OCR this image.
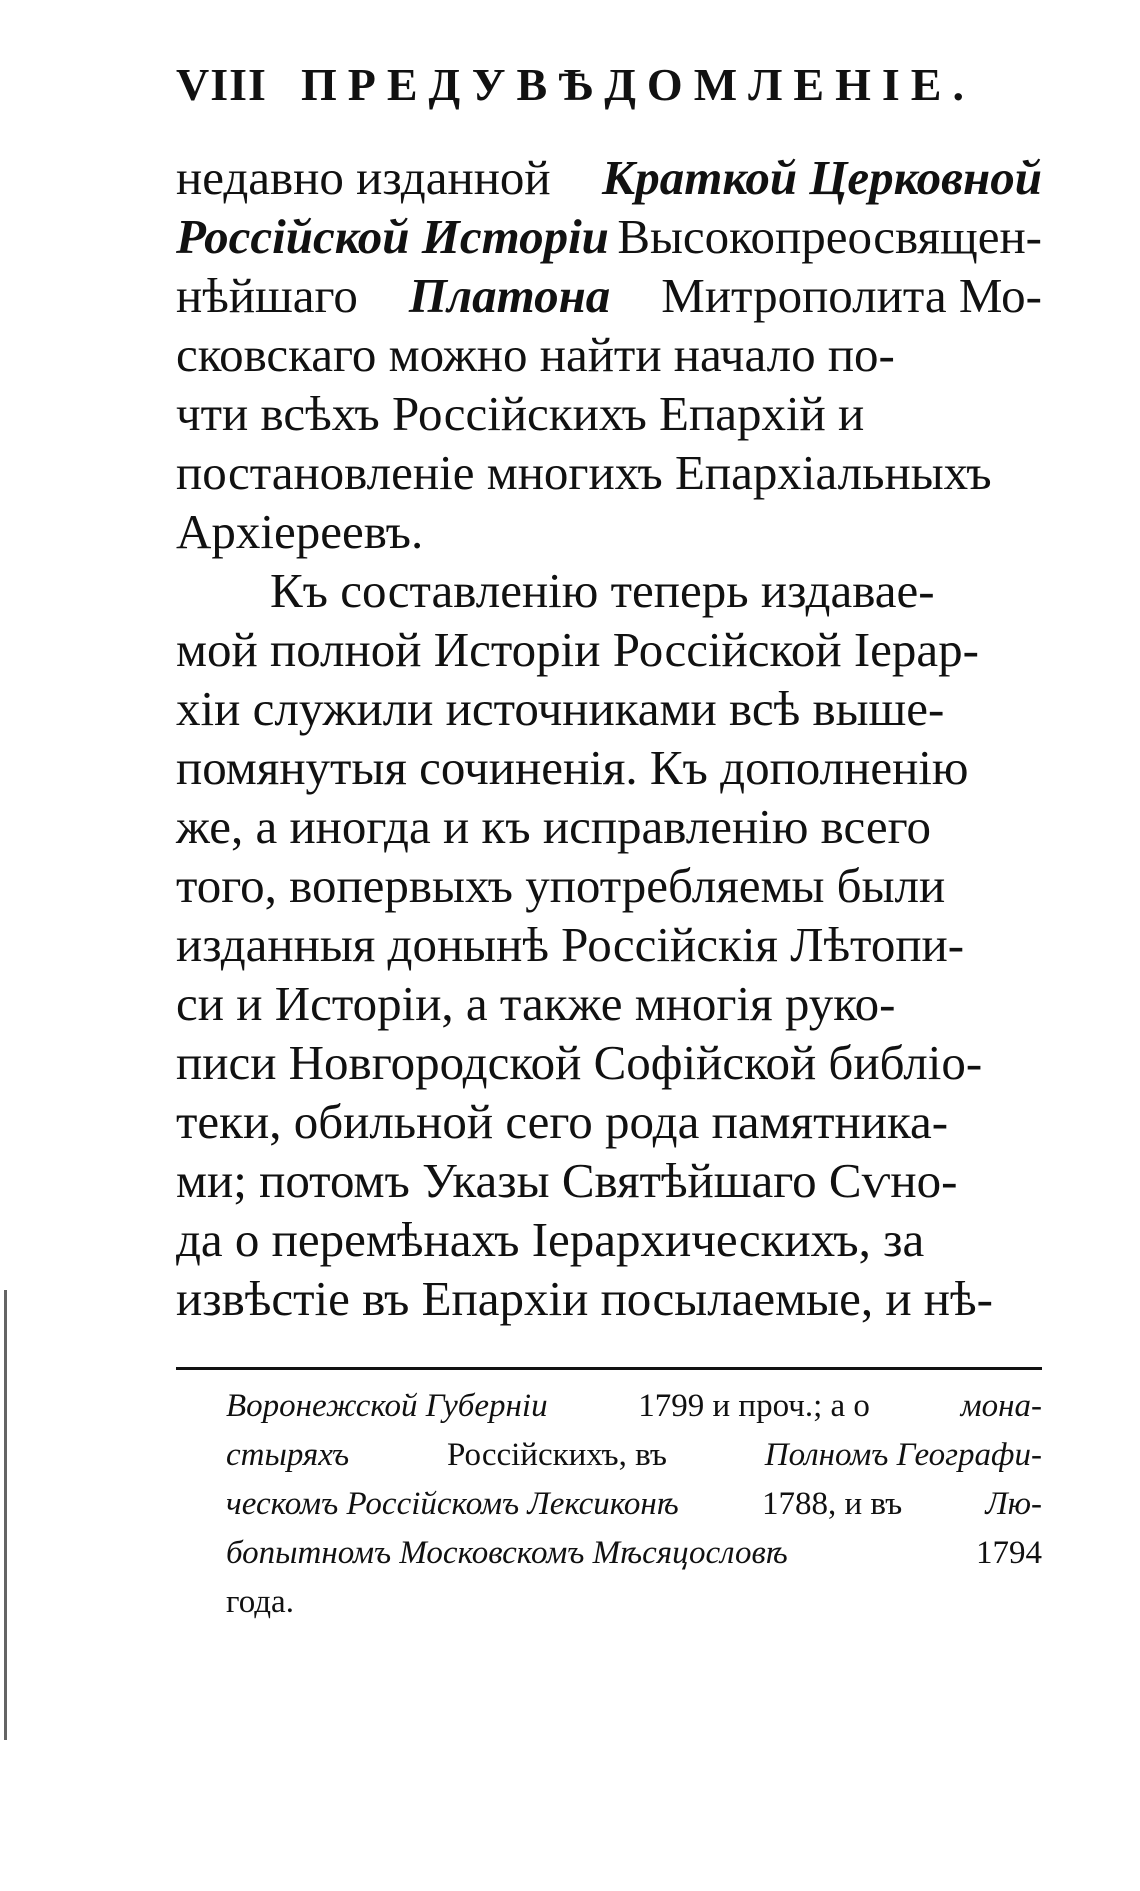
VIII ПРЕДУВѢДОМЛЕНІЕ.
недавно изданной Краткой Церковной
Россійской Исторіи Высокопреосвящен-
нѣйшаго Платона Митрополита Мо-
сковскаго можно найти начало по-
чти всѣхъ Россійскихъ Епархій и
постановленіе многихъ Епархіальныхъ
Архіереевъ.
Къ составленію теперь издавае-
мой полной Исторіи Россійской Іерар-
хіи служили источниками всѣ выше-
помянутыя сочиненія. Къ дополненію
же, а иногда и къ исправленію всего
того, вопервыхъ употребляемы были
изданныя донынѣ Россійскія Лѣтопи-
си и Исторіи, а также многія руко-
писи Новгородской Софійской библіо-
теки, обильной сего рода памятника-
ми; потомъ Указы Святѣйшаго Сѵно-
да о перемѣнахъ Іерархическихъ, за
извѣстіе въ Епархіи посылаемые, и нѣ-
Воронежской Губерніи	1799 и проч.; а о	мона-
стыряхъ	Россійскихъ, въ	Полномъ Географи-
ческомъ Россійскомъ Лексиконѣ	1788, и въ	Лю-
бопытномъ Московскомъ Мѣсяцословѣ	1794
года.
